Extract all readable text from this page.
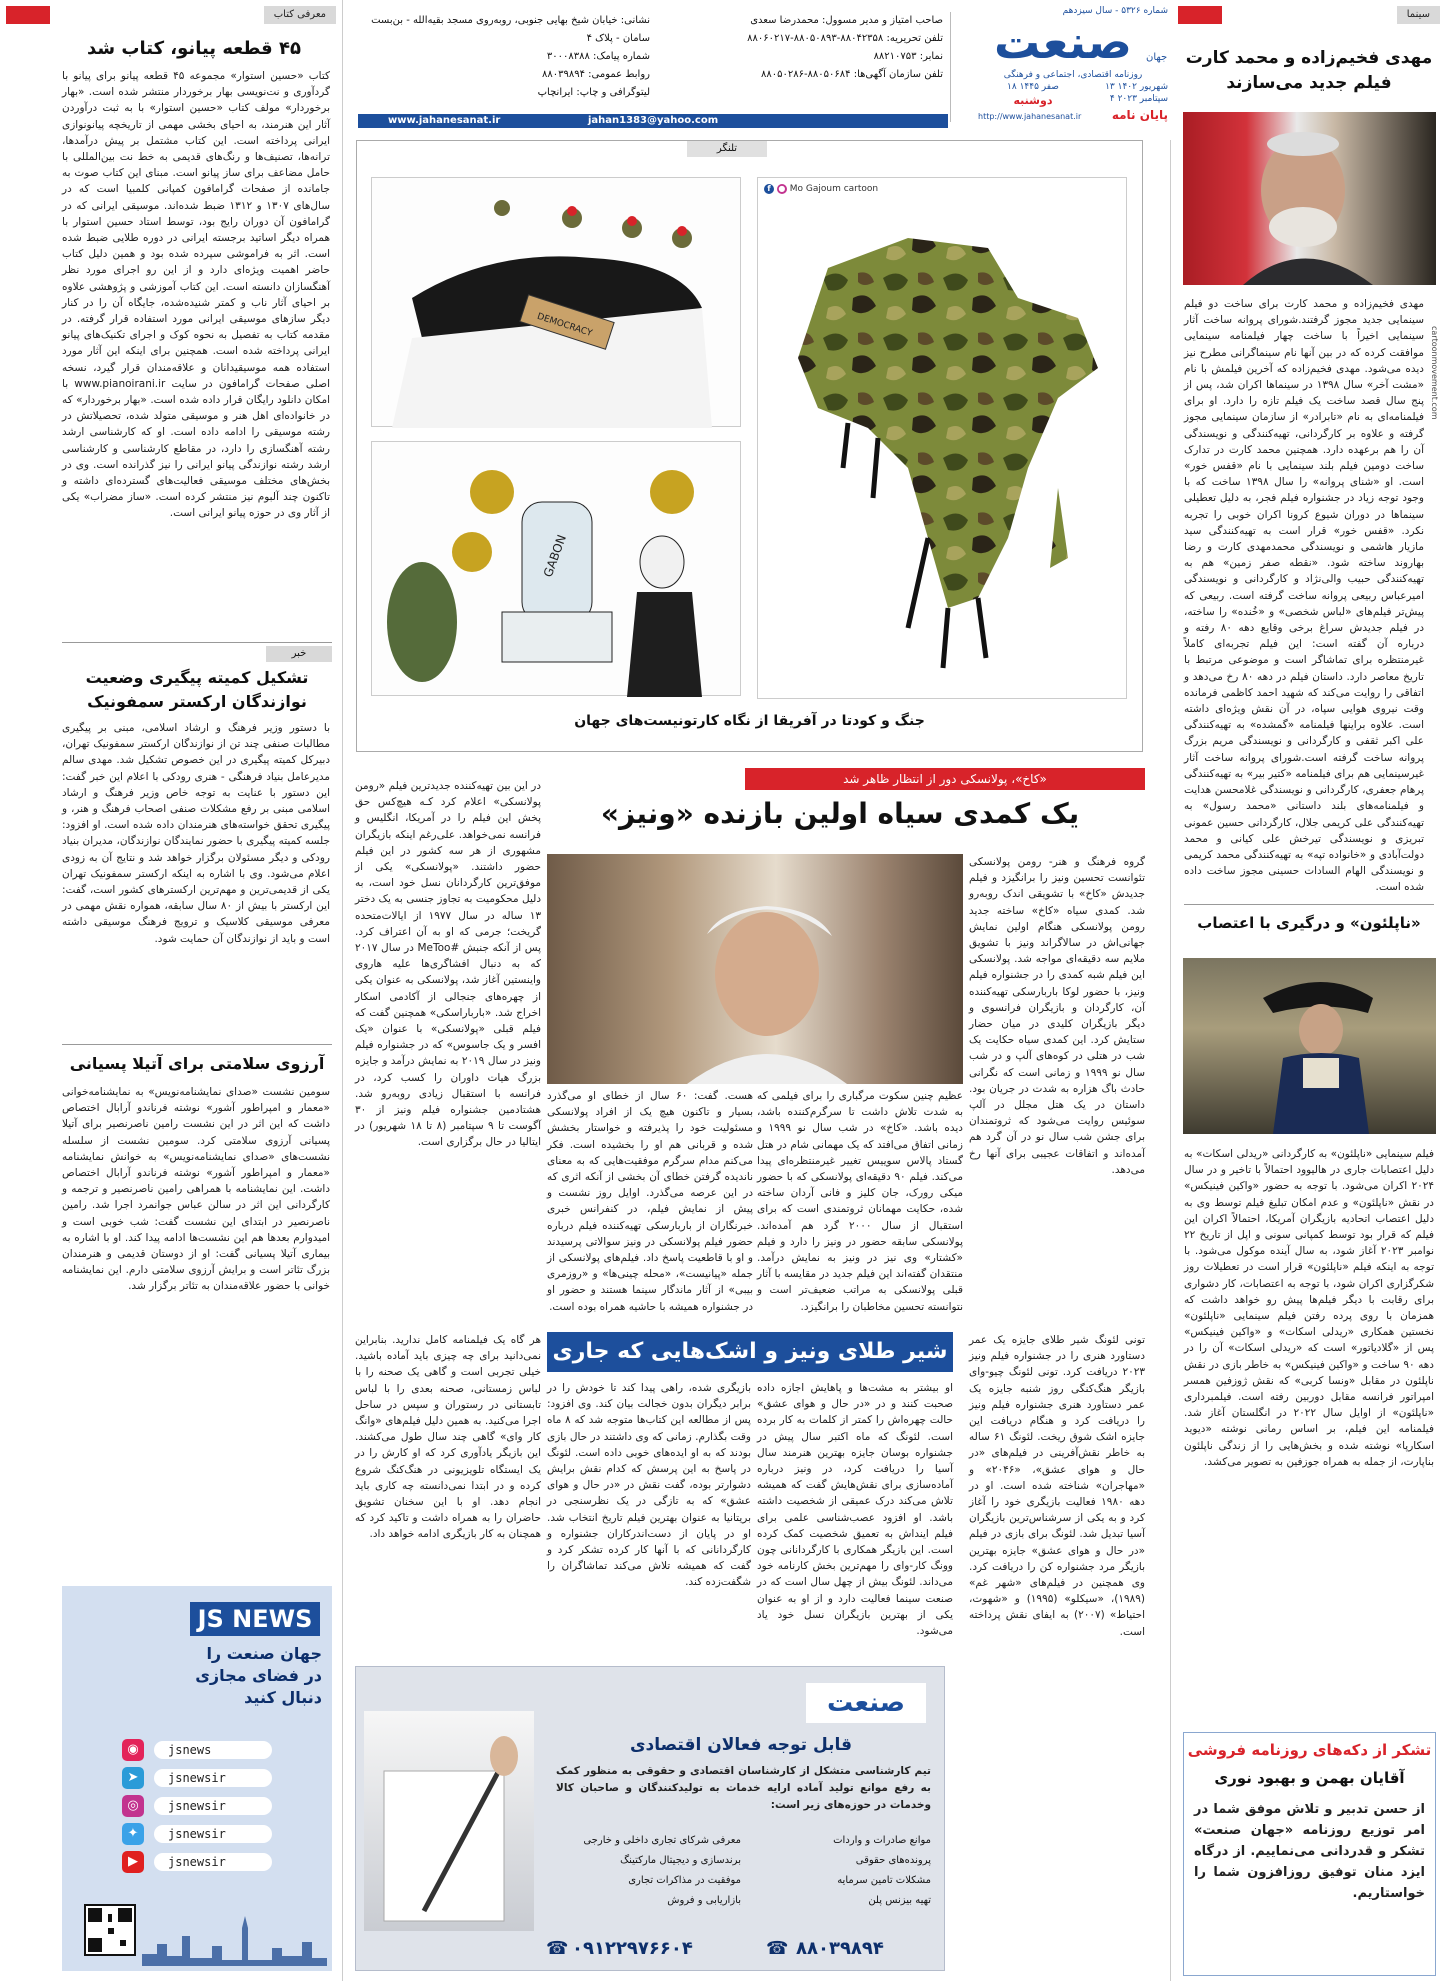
سینما
مهدی فخیم‌زاده و محمد کارت فیلم جدید می‌سازند
مهدی فخیم‌زاده و محمد کارت برای ساخت دو فیلم سینمایی جدید مجوز گرفتند.شورای پروانه ساخت آثار سینمایی اخیراً با ساخت چهار فیلمنامه سینمایی موافقت کرده که در بین آنها نام سینماگرانی مطرح نیز دیده می‌شود. مهدی فخیم‌زاده که آخرین فیلمش با نام «مشت آخر» سال ۱۳۹۸ در سینماها اکران شد، پس از پنج سال قصد ساخت یک فیلم تازه را دارد. او برای فیلمنامه‌ای به نام «تابرادر» از سازمان سینمایی مجوز گرفته و علاوه بر کارگردانی، تهیه‌کنندگی و نویسندگی آن را هم برعهده دارد. همچنین محمد کارت در تدارک ساخت دومین فیلم بلند سینمایی با نام «قفس خور» است. او «شنای پروانه» را سال ۱۳۹۸ ساخت که با وجود توجه زیاد در جشنواره فیلم فجر، به دلیل تعطیلی سینماها در دوران شیوع کرونا اکران خوبی را تجربه نکرد. «قفس خور» قرار است به تهیه‌کنندگی سید مازیار هاشمی و نویسندگی محمدمهدی کارت و رضا بهاروند ساخته شود. «نقطه صفر زمین» هم به تهیه‌کنندگی حبیب والی‌نژاد و کارگردانی و نویسندگی امیرعباس ربیعی پروانه ساخت گرفته است. ربیعی که پیش‌تر فیلم‌های «لباس شخصی» و «خُنده» را ساخته، در فیلم جدیدش سراغ برخی وقایع دهه ۸۰ رفته و درباره آن گفته است: این فیلم تجربه‌ای کاملاً غیرمنتظره برای تماشاگر است و موضوعی مرتبط با تاریخ معاصر دارد. داستان فیلم در دهه ۸۰ رخ می‌دهد و اتفاقی را روایت می‌کند که شهید احمد کاظمی فرمانده وقت نیروی هوایی سپاه، در آن نقش ویژه‌ای داشته است. علاوه براینها فیلمنامه «گمشده» به تهیه‌کنندگی علی اکبر ثقفی و کارگردانی و نویسندگی مریم بزرگ پروانه ساخت گرفته است.شورای پروانه ساخت آثار غیرسینمایی هم برای فیلمنامه «کتیر بیر» به تهیه‌کنندگی پرهام جعفری، کارگردانی و نویسندگی غلامحسن هدایت و فیلمنامه‌های بلند داستانی «محمد رسول» به تهیه‌کنندگی علی کریمی جلال، کارگردانی حسین عمونی تبریزی و نویسندگی تیرخش علی کیانی و محمد دولت‌آبادی و «خانواده تپه» به تهیه‌کنندگی محمد کریمی و نویسندگی الهام السادات حسینی مجوز ساخت داده شده است.
cartoonmovement.com
«ناپلئون» و درگیری با اعتصاب
فیلم سینمایی «ناپلئون» به کارگردانی «ریدلی اسکات» به دلیل اعتصابات جاری در هالیوود احتمالاً با تاخیر و در سال ۲۰۲۴ اکران می‌شود. با توجه به حضور «واکین فینیکس» در نقش «ناپلئون» و عدم امکان تبلیغ فیلم توسط وی به دلیل اعتصاب اتحادیه بازیگران آمریکا، احتمالاً اکران این فیلم که قرار بود توسط کمپانی سونی و اپل از تاریخ ۲۲ نوامبر ۲۰۲۳ آغاز شود، به سال آینده موکول می‌شود. با توجه به اینکه فیلم «ناپلئون» قرار است در تعطیلات روز شکرگزاری اکران شود، با توجه به اعتصابات، کار دشواری برای رقابت با دیگر فیلم‌ها پیش رو خواهد داشت که همزمان با روی پرده رفتن فیلم سینمایی «ناپلئون» نخستین همکاری «ریدلی اسکات» و «واکین فینیکس» پس از «گلادیاتور» است که «ریدلی اسکات» آن را در دهه ۹۰ ساخت و «واکین فینیکس» به خاطر بازی در نقش ناپلئون در مقابل «ونسا کربی» که نقش ژوزفین همسر امپراتور فرانسه مقابل دوربین رفته است. فیلمبرداری «ناپلئون» از اوایل سال ۲۰۲۲ در انگلستان آغاز شد. فیلمنامه این فیلم، بر اساس رمانی نوشته «دیوید اسکارپا» نوشته شده و بخش‌هایی را از زندگی ناپلئون بناپارت، از جمله به همراه جوزفین به تصویر می‌کشد.
تشکر از دکه‌های روزنامه فروشی
آقایان بهمن و بهبود نوری
از حسن تدبیر و تلاش موفق شما در امر توزیع روزنامه «جهان صنعت» تشکر و قدردانی می‌نماییم. از درگاه ایزد منان توفیق روزافزون شما را خواستاریم.
شماره ۵۳۲۶ - سال سیزدهم
صنعت	جهان
روزنامه اقتصادی، اجتماعی و فرهنگی
۱۳ شهریور ۱۴۰۲
۱۸ صفر ۱۴۴۵
۴ سپتامبر ۲۰۲۳
دوشنبه
پایان نامه
http://www.jahanesanat.ir
صاحب امتیاز و مدیر مسوول: محمدرضا سعدی
تلفن تحریریه: ۸۸۰۴۲۳۵۸-۸۸۰۵۰۸۹۳-۸۸۰۶۰۲۱۷
نمابر: ۸۸۲۱۰۷۵۳
تلفن سازمان آگهی‌ها: ۸۸۰۵۰۶۸۴-۸۸۰۵۰۲۸۶
نشانی: خیابان شیخ بهایی جنوبی، روبه‌روی مسجد بقیه‌الله - بن‌بست سامان - پلاک ۴
شماره پیامک: ۳۰۰۰۸۳۸۸
روابط عمومی: ۸۸۰۳۹۸۹۴
لیتوگرافی و چاپ: ایرانچاپ
www.jahanesanat.ir	jahan1383@yahoo.com
تلنگر
f ● Mo Gajoum cartoon
DEMOCRACY
GABON
جنگ و کودتا در آفریقا از نگاه کارتونیست‌های جهان
«کاخ»، پولانسکی دور از انتظار ظاهر شد
یک کمدی سیاه اولین بازنده «ونیز»
گروه فرهنگ و هنر- رومن پولانسکی تئوانست تحسین ونیز را برانگیزد و فیلم جدیدش «کاخ» با تشویقی اندک روبه‌رو شد. کمدی سیاه «کاخ» ساخته جدید رومن پولانسکی هنگام اولین نمایش جهانی‌اش در سالاگراند ونیز با تشویق ملایم سه دقیقه‌ای مواجه شد. پولانسکی این فیلم شبه کمدی را در جشنواره فیلم ونیز، با حضور لوکا باربارسکی تهیه‌کننده آن، کارگردان و بازیگران فرانسوی و دیگر بازیگران کلیدی در میان حضار ستایش کرد. این کمدی سیاه حکایت یک شب در هتلی در کوه‌های آلپ و در شب سال نو ۱۹۹۹ و زمانی است که نگرانی حادث باگ هزاره به شدت در جریان بود. داستان در یک هتل مجلل در آلپ سوئیس روایت می‌شود که ثروتمندان برای جشن شب سال نو در آن گرد هم آمده‌اند و اتفاقات عجیبی برای آنها رخ می‌دهد.
عظیم چنین سکوت مرگباری را برای فیلمی که به شدت تلاش داشت تا سرگرم‌کننده باشد، دیده باشد. «کاخ» در شب سال نو ۱۹۹۹ و زمانی اتفاق می‌افتد که یک مهمانی شام در هتل گستاد پالاس سوییس تغییر غیرمنتظره‌ای پیدا می‌کند. فیلم ۹۰ دقیقه‌ای پولانسکی که با حضور میکی رورک، جان کلیز و فانی آردان ساخته شده، حکایت مهمانان ثروتمندی است که برای استقبال از سال ۲۰۰۰ گرد هم آمده‌اند. پولانسکی سابقه حضور در ونیز را دارد و فیلم «کشتار» وی نیز در ونیز به نمایش درآمد. منتقدان گفته‌اند این فیلم جدید در مقایسه با آثار قبلی پولانسکی به مراتب ضعیف‌تر است و نتوانسته تحسین مخاطبان را برانگیزد.
هست. گفت: ۶۰ سال از خطای او می‌گذرد بسیار و تاکنون هیچ یک از افراد پولانسکی مسئولیت خود را پذیرفته و خواستار بخشش شده و قربانی هم او را بخشیده است. فکر می‌کنم مدام سرگرم موفقیت‌هایی که به معنای ناندیده گرفتن خطای آن بخشی از آنکه اثری که در این عرصه می‌گذرد. اوایل روز نشست و پیش از نمایش فیلم، در کنفرانس خبری خبرنگاران از باربارسکی تهیه‌کننده فیلم درباره حضور فیلم پولانسکی در ونیز سوالاتی پرسیدند و او با قاطعیت پاسخ داد. فیلم‌های پولانسکی از جمله «پیانیست»، «محله چینی‌ها» و «روزمری بیبی» از آثار ماندگار سینما هستند و حضور او در جشنواره همیشه با حاشیه همراه بوده است.
در این بین تهیه‌کننده جدیدترین فیلم «رومن پولانسکی» اعلام کرد کـه هیچ‌کس حق پخش این فیلم را در آمریکا، انگلیس و فرانسه نمی‌خواهد. علی‌رغم اینکه بازیگران مشهوری از هر سه کشور در این فیلم حضور داشتند. «پولانسکی» یکی از موفق‌ترین کارگردانان نسل خود است، به دلیل محکومیت به تجاوز جنسی به یک دختر ۱۳ ساله در سال ۱۹۷۷ از ایالات‌متحده گریخت؛ جرمی که او به آن اعتراف کرد. پس از آنکه جنبش #MeToo در سال ۲۰۱۷ که به دنبال افشاگری‌ها علیه هاروی واینستین آغاز شد، پولانسکی به عنوان یکی از چهره‌های جنجالی از آکادمی اسکار اخراج شد. «بارباراسکی» همچنین گفت که فیلم قبلی «پولانسکی» با عنوان «یک افسر و یک جاسوس» که در جشنواره فیلم ونیز در سال ۲۰۱۹ به نمایش درآمد و جایزه بزرگ هیات داوران را کسب کرد، در فرانسه با استقبال زیادی روبه‌رو شد. هشتادمین جشنواره فیلم ونیز از ۳۰ آگوست تا ۹ سپتامبر (۸ تا ۱۸ شهریور) در ایتالیا در حال برگزاری است.
شیر طلای ونیز و اشک‌هایی که جاری شد
تونی لئونگ شیر طلای جایزه یک عمر دستاورد هنری را در جشنواره فیلم ونیز ۲۰۲۳ دریافت کرد. تونی لئونگ چیو-وای بازیگر هنگ‌کنگی روز شنبه جایزه یک عمر دستاورد هنری جشنواره فیلم ونیز را دریافت کرد و هنگام دریافت این جایزه اشک شوق ریخت. لئونگ ۶۱ ساله به خاطر نقش‌آفرینی در فیلم‌های «در حال و هوای عشق»، «۲۰۴۶» و «مهاجران» شناخته شده است. او در دهه ۱۹۸۰ فعالیت بازیگری خود را آغاز کرد و به یکی از سرشناس‌ترین بازیگران آسیا تبدیل شد. لئونگ برای بازی در فیلم «در حال و هوای عشق» جایزه بهترین بازیگر مرد جشنواره کن را دریافت کرد. وی همچنین در فیلم‌های «شهر غم» (۱۹۸۹)، «سیکلو» (۱۹۹۵) و «شهوت، احتیاط» (۲۰۰۷) به ایفای نقش پرداخته است.
او بیشتر به مشت‌ها و پاهایش اجازه داده صحبت کنند و در «در حال و هوای عشق» حالت چهره‌اش را کمتر از کلمات به کار برده است. لئونگ که ماه اکتبر سال پیش در جشنواره بوسان جایزه بهترین هنرمند سال آسیا را دریافت کرد، در ونیز درباره آماده‌سازی برای نقش‌هایش گفت که همیشه تلاش می‌کند درک عمیقی از شخصیت داشته باشد. او افزود عصب‌شناسی علمی برای فیلم اینداش به تعمیق شخصیت کمک کرده است. این بازیگر همکاری با کارگردانانی چون وونگ کار-وای را مهم‌ترین بخش کارنامه خود می‌داند. لئونگ بیش از چهل سال است که در صنعت سینما فعالیت دارد و از او به عنوان یکی از بهترین بازیگران نسل خود یاد می‌شود.
بازیگری شده، راهی پیدا کند تا خودش را در برابر دیگران بدون خجالت بیان کند. وی افزود: پس از مطالعه این کتاب‌ها متوجه شد که ۸ ماه وقت بگذارم. زمانی که وی داشتند در حال بازی بودند که به او ایده‌های خوبی داده است. لئونگ در پاسخ به این پرسش که کدام نقش برایش دشوارتر بوده، گفت نقش در «در حال و هوای عشق» که به تازگی در یک نظرسنجی در بریتانیا به عنوان بهترین فیلم تاریخ انتخاب شد. او در پایان از دست‌اندرکاران جشنواره و کارگردانانی که با آنها کار کرده تشکر کرد و گفت که همیشه تلاش می‌کند تماشاگران را شگفت‌زده کند.
هر گاه یک فیلمنامه کامل ندارید. بنابراین نمی‌دانید برای چه چیزی باید آماده باشید. خیلی تجربی است و گاهی یک صحنه را با لباس زمستانی، صحنه بعدی را با لباس تابستانی در رستوران و سپس در ساحل اجرا می‌کنید. به همین دلیل فیلم‌های «وانگ کار وای» گاهی چند سال طول می‌کشند. این بازیگر یادآوری کرد که او کارش را در یک ایستگاه تلویزیونی در هنگ‌کنگ شروع کرده و در ابتدا نمی‌دانسته چه کاری باید انجام دهد. او با این سخنان تشویق حاضران را به همراه داشت و تاکید کرد که همچنان به کار بازیگری ادامه خواهد داد.
صنعت
قابل توجه فعالان اقتصادی
تیم کارشناسی متشکل از کارشناسان اقتصادی و حقوقی به منظور کمک به رفع موانع تولید آماده ارایه خدمات به تولیدکنندگان و صاحبان کالا وخدمات در حوزه‌های زیر است:
موانع صادرات و واردات
پرونده‌های حقوقی
مشکلات تامین سرمایه
تهیه بیزنس پلن
معرفی شرکای تجاری داخلی و خارجی
برندسازی و دیجیتال مارکتینگ
موفقیت در مذاکرات تجاری
بازاریابی و فروش
☎ ۰۹۱۲۲۹۷۶۶۰۴	☎ ۸۸۰۳۹۸۹۴
معرفی کتاب
۴۵ قطعه پیانو، کتاب شد
کتاب «حسین استوار» مجموعه ۴۵ قطعه پیانو برای پیانو با گردآوری و نت‌نویسی بهار برخوردار منتشر شده است. «بهار برخوردار» مولف کتاب «حسین استوار» با به ثبت درآوردن آثار این هنرمند، به احیای بخشی مهمی از تاریخچه پیانونوازی ایرانی پرداخته است. این کتاب مشتمل بر پیش درآمدها، ترانه‌ها، تصنیف‌ها و رنگ‌های قدیمی به خط نت بین‌المللی با حامل مضاعف برای ساز پیانو است. مبنای این کتاب صوت به جامانده از صفحات گرامافون کمپانی کلمبیا است که در سال‌های ۱۳۰۷ و ۱۳۱۲ ضبط شده‌اند. موسیقی ایرانی که در گرامافون آن دوران رایج بود، توسط استاد حسین استوار با همراه دیگر اساتید برجسته ایرانی در دوره طلایی ضبط شده است. اثر به فراموشی سپرده شده بود و همین دلیل کتاب حاضر اهمیت ویژه‌ای دارد و از این رو اجرای مورد نظر آهنگسازان دانسته است. این کتاب آموزشی و پژوهشی علاوه بر احیای آثار ناب و کمتر شنیده‌شده، جایگاه آن را در کنار دیگر سازهای موسیقی ایرانی مورد استفاده قرار گرفته. در مقدمه کتاب به تفصیل به نحوه کوک و اجرای تکنیک‌های پیانو ایرانی پرداخته شده است. همچنین برای اینکه این آثار مورد استفاده همه موسیقیدانان و علاقه‌مندان قرار گیرد، نسخه اصلی صفحات گرامافون در سایت www.pianoirani.ir با امکان دانلود رایگان قرار داده شده است. «بهار برخوردار» که در خانواده‌ای اهل هنر و موسیقی متولد شده، تحصیلاتش در رشته موسیقی را ادامه داده است. او که کارشناسی ارشد رشته آهنگسازی را دارد، در مقاطع کارشناسی و کارشناسی ارشد رشته نوازندگی پیانو ایرانی را نیز گذرانده است. وی در بخش‌های مختلف موسیقی فعالیت‌های گسترده‌ای داشته و تاکنون چند آلبوم نیز منتشر کرده است. «ساز مضراب» یکی از آثار وی در حوزه پیانو ایرانی است.
خبر
تشکیل کمیته پیگیری وضعیت نوازندگان ارکستر سمفونیک
با دستور وزیر فرهنگ و ارشاد اسلامی، مبنی بر پیگیری مطالبات صنفی چند تن از نوازندگان ارکستر سمفونیک تهران، دبیرکل کمیته پیگیری در این خصوص تشکیل شد. مهدی سالم مدیرعامل بنیاد فرهنگی - هنری رودکی با اعلام این خبر گفت: این دستور با عنایت به توجه خاص وزیر فرهنگ و ارشاد اسلامی مبنی بر رفع مشکلات صنفی اصحاب فرهنگ و هنر، و پیگیری تحقق خواسته‌های هنرمندان داده شده است. او افزود: جلسه کمیته پیگیری با حضور نمایندگان نوازندگان، مدیران بنیاد رودکی و دیگر مسئولان برگزار خواهد شد و نتایج آن به زودی اعلام می‌شود. وی با اشاره به اینکه ارکستر سمفونیک تهران یکی از قدیمی‌ترین و مهم‌ترین ارکسترهای کشور است، گفت: این ارکستر با بیش از ۸۰ سال سابقه، همواره نقش مهمی در معرفی موسیقی کلاسیک و ترویج فرهنگ موسیقی داشته است و باید از نوازندگان آن حمایت شود.
آرزوی سلامتی برای آتیلا پسیانی
سومین نشست «صدای نمایشنامه‌نویس» به نمایشنامه‌خوانی «معمار و امپراطور آشور» نوشته فرناندو آرابال اختصاص داشت که این اثر در این نشست رامین ناصرنصیر برای آتیلا پسیانی آرزوی سلامتی کرد. سومین نشست از سلسله نشست‌های «صدای نمایشنامه‌نویس» به خوانش نمایشنامه «معمار و امپراطور آشور» نوشته فرناندو آرابال اختصاص داشت. این نمایشنامه با همراهی رامین ناصرنصیر و ترجمه و کارگردانی این اثر در سالن عباس جوانمرد اجرا شد. رامین ناصرنصیر در ابتدای این نشست گفت: شب خوبی است و امیدوارم بعدها هم این نشست‌ها ادامه پیدا کند. او با اشاره به بیماری آتیلا پسیانی گفت: او از دوستان قدیمی و هنرمندان بزرگ تئاتر است و برایش آرزوی سلامتی دارم. این نمایشنامه خوانی با حضور علاقه‌مندان به تئاتر برگزار شد.
JS NEWS
جهان صنعت را
در فضای مجازی
دنبال کنید
◉	jsnews
➤	jsnewsir
◎	jsnewsir
✦	jsnewsir
▶	jsnewsir
